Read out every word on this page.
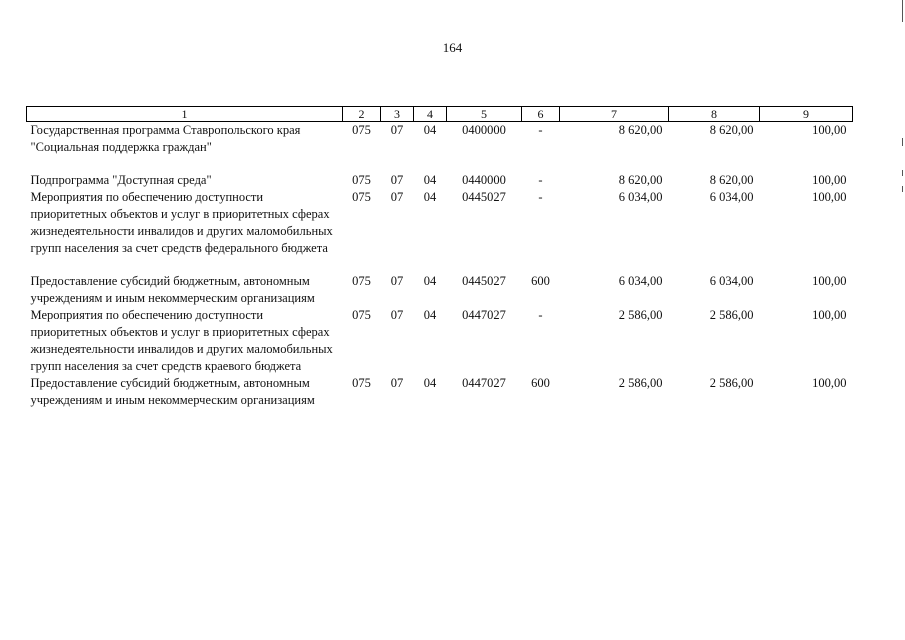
164
1	2	3	4	5	6	7	8	9
Государственная программа Ставропольского края "Социальная поддержка граждан"	075	07	04	0400000	-	8 620,00	8 620,00	100,00

Подпрограмма "Доступная среда"	075	07	04	0440000	-	8 620,00	8 620,00	100,00
Мероприятия по обеспечению доступности приоритетных объектов и услуг в приоритетных сферах жизнедеятельности инвалидов и других маломобильных групп населения за счет средств федерального бюджета	075	07	04	0445027	-	6 034,00	6 034,00	100,00

Предоставление субсидий бюджетным, автономным учреждениям и иным некоммерческим организациям	075	07	04	0445027	600	6 034,00	6 034,00	100,00
Мероприятия по обеспечению доступности приоритетных объектов и услуг в приоритетных сферах жизнедеятельности инвалидов и других маломобильных групп населения за счет средств краевого бюджета	075	07	04	0447027	-	2 586,00	2 586,00	100,00
Предоставление субсидий бюджетным, автономным учреждениям и иным некоммерческим организациям	075	07	04	0447027	600	2 586,00	2 586,00	100,00
